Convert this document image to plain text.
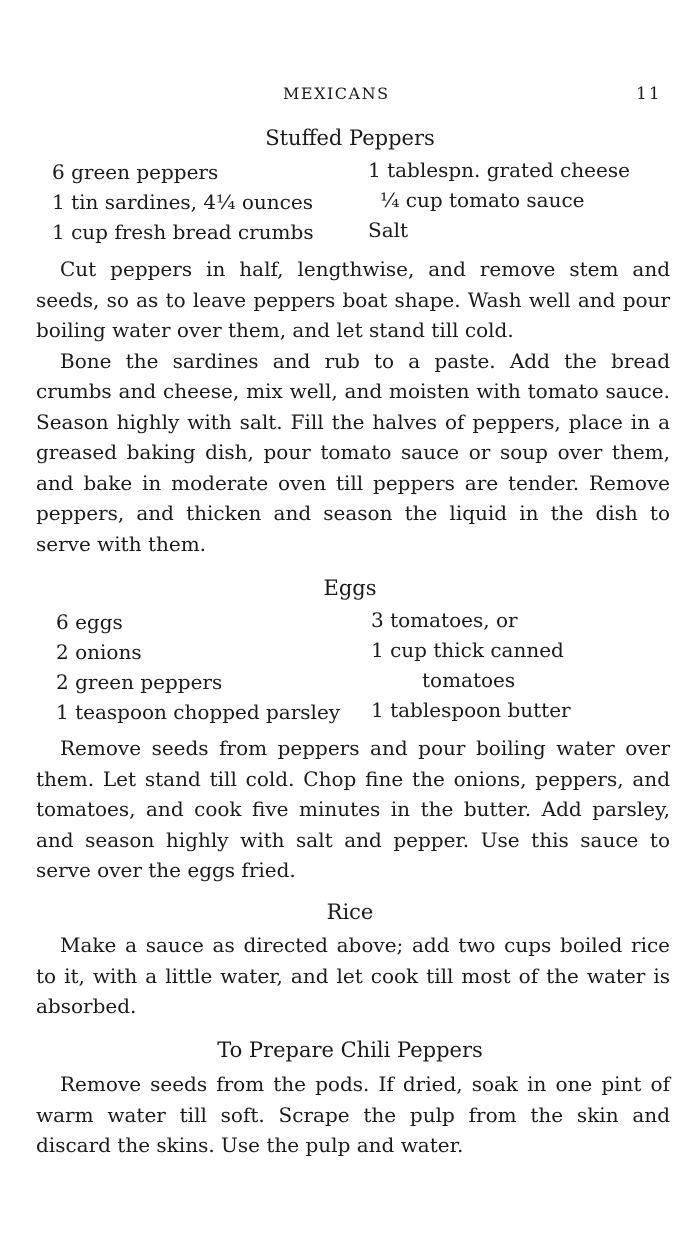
MEXICANS	11
Stuffed Peppers
6 green peppers
1 tin sardines, 4¼ ounces
1 cup fresh bread crumbs
1 tablespn. grated cheese
¼ cup tomato sauce
Salt

Cut peppers in half, lengthwise, and remove stem and seeds, so as to leave peppers boat shape. Wash well and pour boiling water over them, and let stand till cold.

Bone the sardines and rub to a paste. Add the bread crumbs and cheese, mix well, and moisten with tomato sauce. Season highly with salt. Fill the halves of peppers, place in a greased baking dish, pour tomato sauce or soup over them, and bake in moderate oven till peppers are tender. Remove peppers, and thicken and season the liquid in the dish to serve with them.

Eggs
6 eggs
2 onions
2 green peppers
1 teaspoon chopped parsley
3 tomatoes, or
1 cup thick canned
tomatoes
1 tablespoon butter

Remove seeds from peppers and pour boiling water over them. Let stand till cold. Chop fine the onions, peppers, and tomatoes, and cook five minutes in the butter. Add parsley, and season highly with salt and pepper. Use this sauce to serve over the eggs fried.

Rice

Make a sauce as directed above; add two cups boiled rice to it, with a little water, and let cook till most of the water is absorbed.

To Prepare Chili Peppers

Remove seeds from the pods. If dried, soak in one pint of warm water till soft. Scrape the pulp from the skin and discard the skins. Use the pulp and water.
